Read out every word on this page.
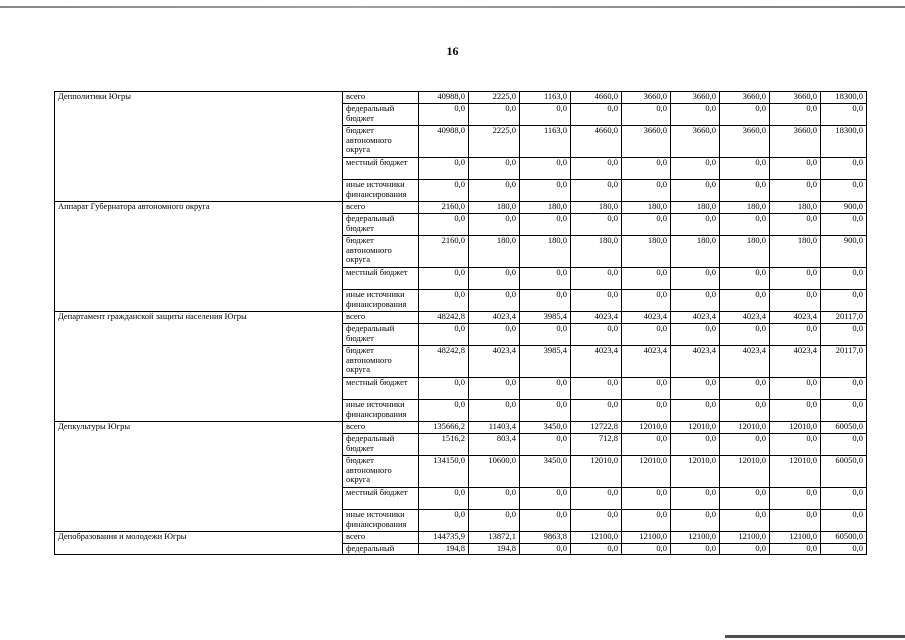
16
Депполитики Югры	всего	40988,0	2225,0	1163,0	4660,0	3660,0	3660,0	3660,0	3660,0	18300,0
	федеральный бюджет	0,0	0,0	0,0	0,0	0,0	0,0	0,0	0,0	0,0
	бюджет автономного округа	40988,0	2225,0	1163,0	4660,0	3660,0	3660,0	3660,0	3660,0	18300,0
	местный бюджет	0,0	0,0	0,0	0,0	0,0	0,0	0,0	0,0	0,0
	иные источники финансирования	0,0	0,0	0,0	0,0	0,0	0,0	0,0	0,0	0,0
Аппарат Губернатора автономного округа	всего	2160,0	180,0	180,0	180,0	180,0	180,0	180,0	180,0	900,0
	федеральный бюджет	0,0	0,0	0,0	0,0	0,0	0,0	0,0	0,0	0,0
	бюджет автономного округа	2160,0	180,0	180,0	180,0	180,0	180,0	180,0	180,0	900,0
	местный бюджет	0,0	0,0	0,0	0,0	0,0	0,0	0,0	0,0	0,0
	иные источники финансирования	0,0	0,0	0,0	0,0	0,0	0,0	0,0	0,0	0,0
Департамент гражданской защиты населения Югры	всего	48242,8	4023,4	3985,4	4023,4	4023,4	4023,4	4023,4	4023,4	20117,0
	федеральный бюджет	0,0	0,0	0,0	0,0	0,0	0,0	0,0	0,0	0,0
	бюджет автономного округа	48242,8	4023,4	3985,4	4023,4	4023,4	4023,4	4023,4	4023,4	20117,0
	местный бюджет	0,0	0,0	0,0	0,0	0,0	0,0	0,0	0,0	0,0
	иные источники финансирования	0,0	0,0	0,0	0,0	0,0	0,0	0,0	0,0	0,0
Депкультуры Югры	всего	135666,2	11403,4	3450,0	12722,8	12010,0	12010,0	12010,0	12010,0	60050,0
	федеральный бюджет	1516,2	803,4	0,0	712,8	0,0	0,0	0,0	0,0	0,0
	бюджет автономного округа	134150,0	10600,0	3450,0	12010,0	12010,0	12010,0	12010,0	12010,0	60050,0
	местный бюджет	0,0	0,0	0,0	0,0	0,0	0,0	0,0	0,0	0,0
	иные источники финансирования	0,0	0,0	0,0	0,0	0,0	0,0	0,0	0,0	0,0
Депобразования и молодежи Югры	всего	144735,9	13872,1	9863,8	12100,0	12100,0	12100,0	12100,0	12100,0	60500,0
	федеральный	194,8	194,8	0,0	0,0	0,0	0,0	0,0	0,0	0,0
